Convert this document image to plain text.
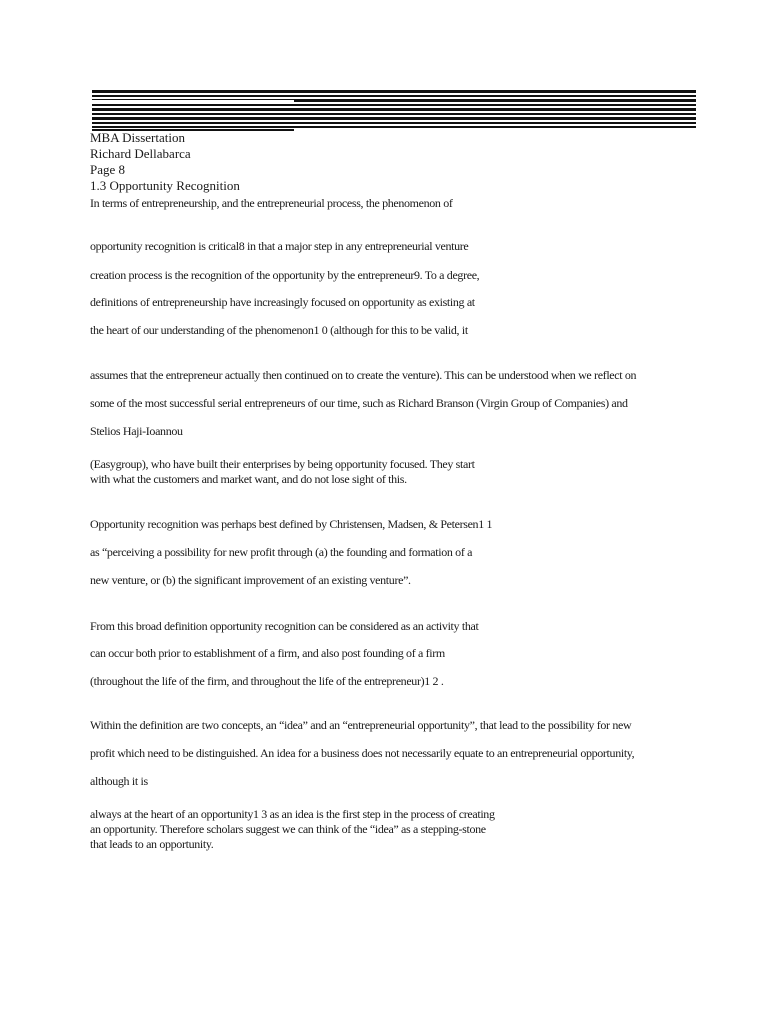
MBA Dissertation
Richard Dellabarca
Page 8
1.3 Opportunity Recognition
In terms of entrepreneurship, and the entrepreneurial process, the phenomenon of
opportunity recognition is critical8 in that a major step in any entrepreneurial venture
creation process is the recognition of the opportunity by the entrepreneur9. To a degree,
definitions of entrepreneurship have increasingly focused on opportunity as existing at
the heart of our understanding of the phenomenon1 0 (although for this to be valid, it
assumes that the entrepreneur actually then continued on to create the venture). This can be understood when we reflect on
some of the most successful serial entrepreneurs of our time, such as Richard Branson (Virgin Group of Companies) and
Stelios Haji-Ioannou
(Easygroup), who have built their enterprises by being opportunity focused. They start
with what the customers and market want, and do not lose sight of this.
Opportunity recognition was perhaps best defined by Christensen, Madsen, & Petersen1 1
as “perceiving a possibility for new profit through (a) the founding and formation of a
new venture, or (b) the significant improvement of an existing venture”.
From this broad definition opportunity recognition can be considered as an activity that
can occur both prior to establishment of a firm, and also post founding of a firm
(throughout the life of the firm, and throughout the life of the entrepreneur)1 2 .
Within the definition are two concepts, an “idea” and an “entrepreneurial opportunity”, that lead to the possibility for new
profit which need to be distinguished. An idea for a business does not necessarily equate to an entrepreneurial opportunity,
although it is
always at the heart of an opportunity1 3 as an idea is the first step in the process of creating
an opportunity. Therefore scholars suggest we can think of the “idea” as a stepping-stone
that leads to an opportunity.
